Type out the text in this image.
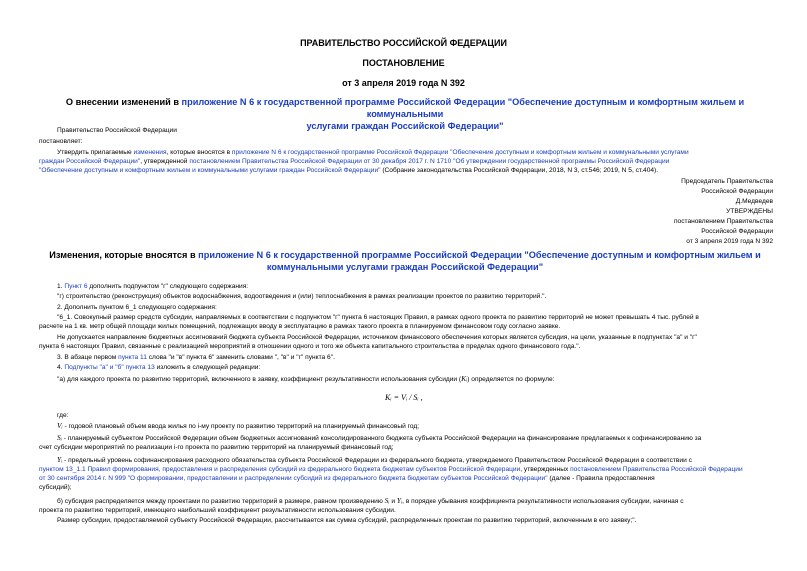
ПРАВИТЕЛЬСТВО РОССИЙСКОЙ ФЕДЕРАЦИИ
ПОСТАНОВЛЕНИЕ
от 3 апреля 2019 года N 392
О внесении изменений в приложение N 6 к государственной программе Российской Федерации "Обеспечение доступным и комфортным жильем и коммунальными
услугами граждан Российской Федерации"
Правительство Российской Федерации
постановляет:
Утвердить прилагаемые изменения, которые вносятся в приложение N 6 к государственной программе Российской Федерации "Обеспечение доступным и комфортным жильем и коммунальными услугами
граждан Российской Федерации", утвержденной постановлением Правительства Российской Федерации от 30 декабря 2017 г. N 1710 "Об утверждении государственной программы Российской Федерации
"Обеспечение доступным и комфортным жильем и коммунальными услугами граждан Российской Федерации" (Собрание законодательства Российской Федерации, 2018, N 3, ст.546; 2019, N 5, ст.404).
Председатель Правительства
Российской Федерации
Д.Медведев
УТВЕРЖДЕНЫ
постановлением Правительства
Российской Федерации
от 3 апреля 2019 года N 392
Изменения, которые вносятся в приложение N 6 к государственной программе Российской Федерации "Обеспечение доступным и комфортным жильем и
коммунальными услугами граждан Российской Федерации"
1. Пункт 6 дополнить подпунктом "г" следующего содержания:
"г) строительство (реконструкция) объектов водоснабжения, водоотведения и (или) теплоснабжения в рамках реализации проектов по развитию территорий.".
2. Дополнить пунктом 6_1 следующего содержания:
"6_1. Совокупный размер средств субсидии, направляемых в соответствии с подпунктом "г" пункта 6 настоящих Правил, в рамках одного проекта по развитию территорий не может превышать 4 тыс. рублей в
расчете на 1 кв. метр общей площади жилых помещений, подлежащих вводу в эксплуатацию в рамках такого проекта в планируемом финансовом году согласно заявке.
Не допускается направление бюджетных ассигнований бюджета субъекта Российской Федерации, источником финансового обеспечения которых является субсидия, на цели, указанные в подпунктах "а" и "г"
пункта 6 настоящих Правил, связанные с реализацией мероприятий в отношении одного и того же объекта капитального строительства в пределах одного финансового года.".
3. В абзаце первом пункта 11 слова "и "в" пункта 6" заменить словами ", "в" и "г" пункта 6".
4. Подпункты "а" и "б" пункта 13 изложить в следующей редакции:
"а) для каждого проекта по развитию территорий, включенного в заявку, коэффициент результативности использования субсидии (Kᵢ) определяется по формуле:
Kᵢ = Vᵢ / Sᵢ ,
где:
Vᵢ - годовой плановый объем ввода жилья по i-му проекту по развитию территорий на планируемый финансовый год;
Sᵢ - планируемый субъектом Российской Федерации объем бюджетных ассигнований консолидированного бюджета субъекта Российской Федерации на финансирование предлагаемых к софинансированию за
счет субсидии мероприятий по реализации i-го проекта по развитию территорий на планируемый финансовый год;
Yᵢ - предельный уровень софинансирования расходного обязательства субъекта Российской Федерации из федерального бюджета, утверждаемого Правительством Российской Федерации в соответствии с
пунктом 13_1.1 Правил формирования, предоставления и распределения субсидий из федерального бюджета бюджетам субъектов Российской Федерации, утвержденных постановлением Правительства Российской Федерации
от 30 сентября 2014 г. N 999 "О формировании, предоставлении и распределении субсидий из федерального бюджета бюджетам субъектов Российской Федерации" (далее - Правила предоставления
субсидий);
б) субсидия распределяется между проектами по развитию территорий в размере, равном произведению Sᵢ и Yᵢ, в порядке убывания коэффициента результативности использования субсидии, начиная с
проекта по развитию территорий, имеющего наибольший коэффициент результативности использования субсидии.
Размер субсидии, предоставляемой субъекту Российской Федерации, рассчитывается как сумма субсидий, распределенных проектам по развитию территорий, включенным в его заявку;".
